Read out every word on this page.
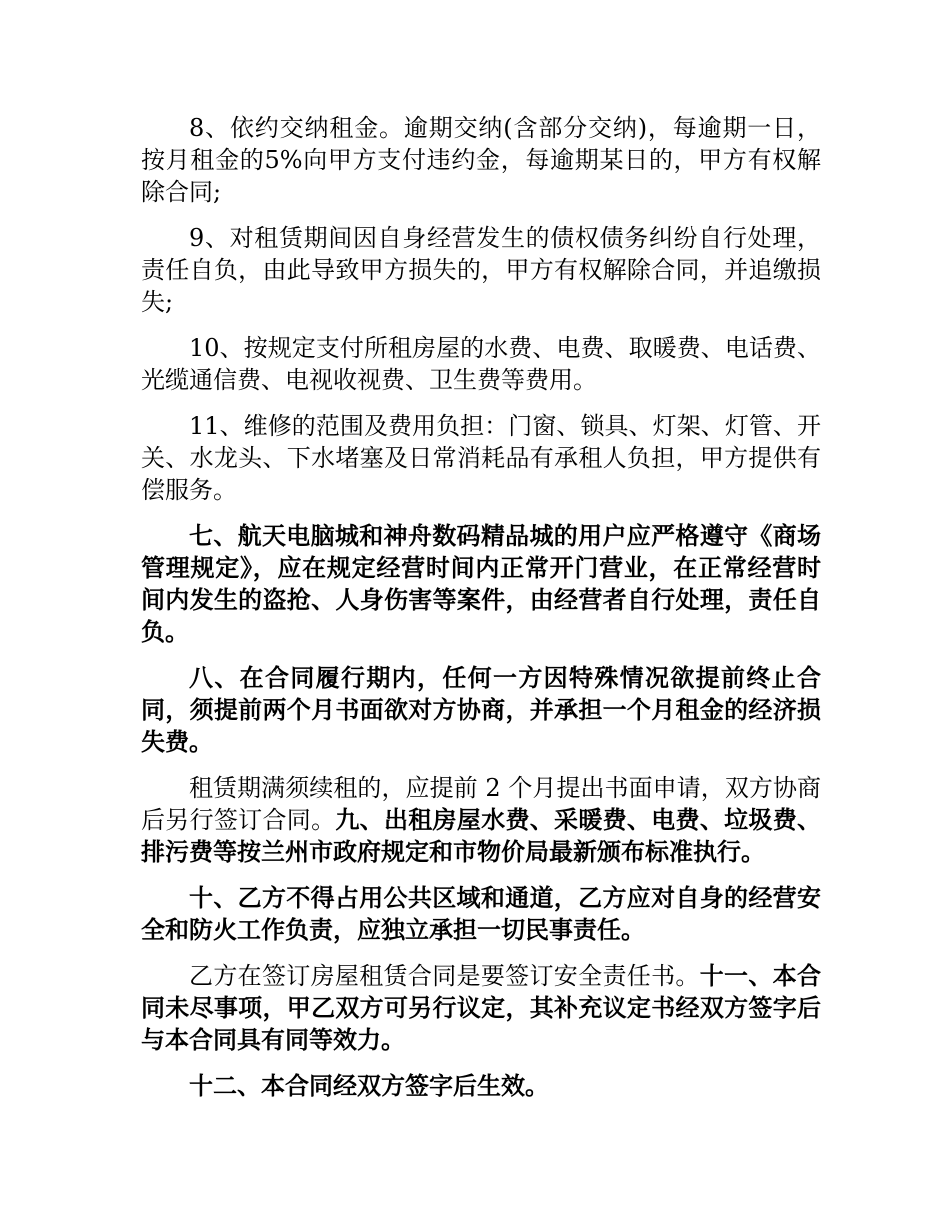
8、依约交纳租金。逾期交纳(含部分交纳)，每逾期一日，按月租金的5%向甲方支付违约金，每逾期某日的，甲方有权解除合同;

9、对租赁期间因自身经营发生的债权债务纠纷自行处理，责任自负，由此导致甲方损失的，甲方有权解除合同，并追缴损失;

10、按规定支付所租房屋的水费、电费、取暖费、电话费、光缆通信费、电视收视费、卫生费等费用。

11、维修的范围及费用负担：门窗、锁具、灯架、灯管、开关、水龙头、下水堵塞及日常消耗品有承租人负担，甲方提供有偿服务。

七、航天电脑城和神舟数码精品城的用户应严格遵守《商场管理规定》，应在规定经营时间内正常开门营业，在正常经营时间内发生的盗抢、人身伤害等案件，由经营者自行处理，责任自负。

八、在合同履行期内，任何一方因特殊情况欲提前终止合同，须提前两个月书面欲对方协商，并承担一个月租金的经济损失费。

租赁期满须续租的，应提前 2 个月提出书面申请，双方协商后另行签订合同。九、出租房屋水费、采暖费、电费、垃圾费、排污费等按兰州市政府规定和市物价局最新颁布标准执行。

十、乙方不得占用公共区域和通道，乙方应对自身的经营安全和防火工作负责，应独立承担一切民事责任。

乙方在签订房屋租赁合同是要签订安全责任书。十一、本合同未尽事项，甲乙双方可另行议定，其补充议定书经双方签字后与本合同具有同等效力。

十二、本合同经双方签字后生效。
